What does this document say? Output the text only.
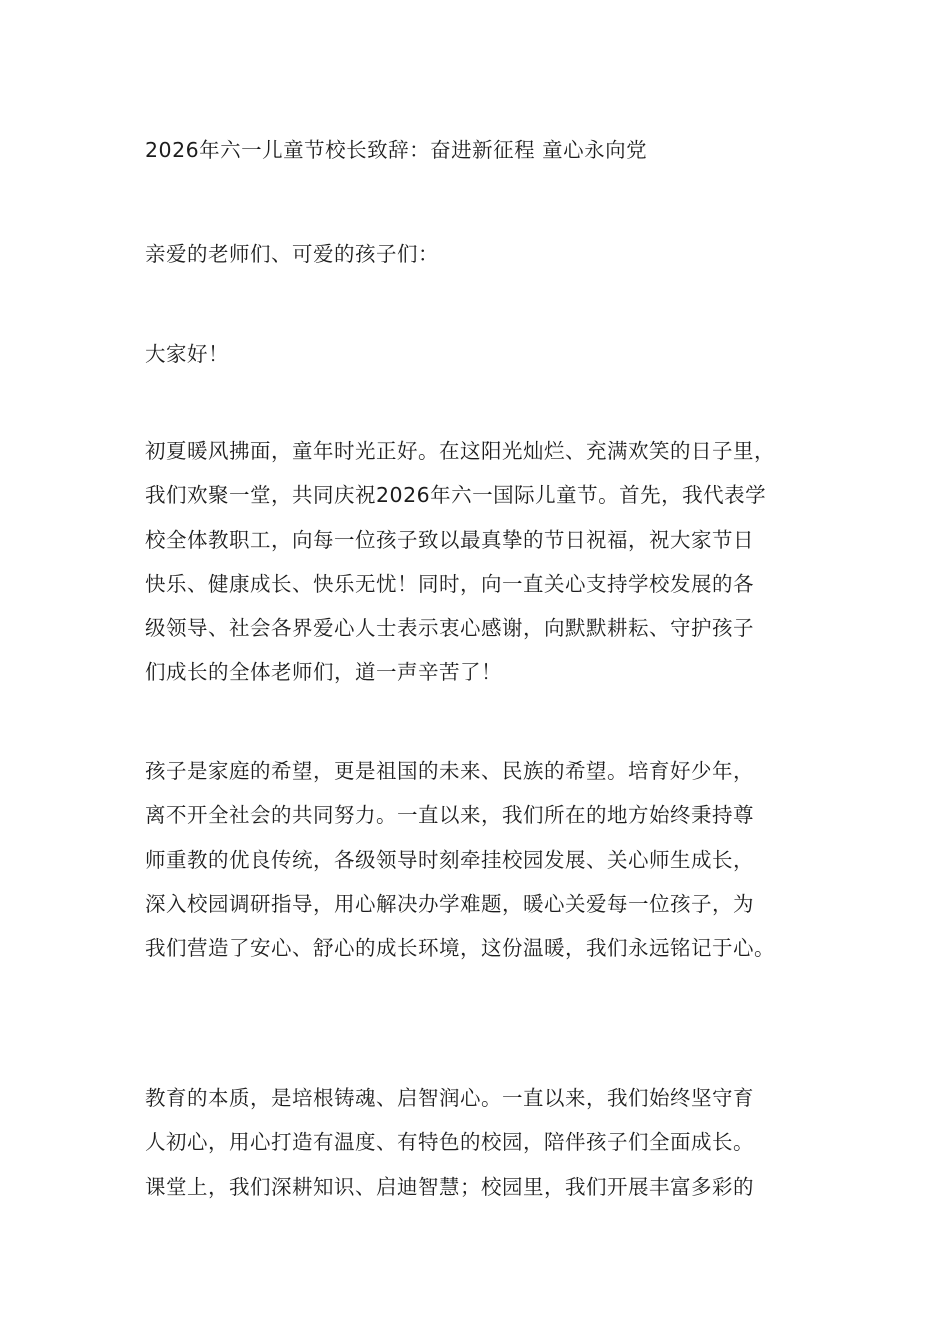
2026年六一儿童节校长致辞：奋进新征程 童心永向党
亲爱的老师们、可爱的孩子们：
大家好！
初夏暖风拂面，童年时光正好。在这阳光灿烂、充满欢笑的日子里，
我们欢聚一堂，共同庆祝2026年六一国际儿童节。首先，我代表学
校全体教职工，向每一位孩子致以最真挚的节日祝福，祝大家节日
快乐、健康成长、快乐无忧！同时，向一直关心支持学校发展的各
级领导、社会各界爱心人士表示衷心感谢，向默默耕耘、守护孩子
们成长的全体老师们，道一声辛苦了！
孩子是家庭的希望，更是祖国的未来、民族的希望。培育好少年，
离不开全社会的共同努力。一直以来，我们所在的地方始终秉持尊
师重教的优良传统，各级领导时刻牵挂校园发展、关心师生成长，
深入校园调研指导，用心解决办学难题，暖心关爱每一位孩子，为
我们营造了安心、舒心的成长环境，这份温暖，我们永远铭记于心。
教育的本质，是培根铸魂、启智润心。一直以来，我们始终坚守育
人初心，用心打造有温度、有特色的校园，陪伴孩子们全面成长。
课堂上，我们深耕知识、启迪智慧；校园里，我们开展丰富多彩的
